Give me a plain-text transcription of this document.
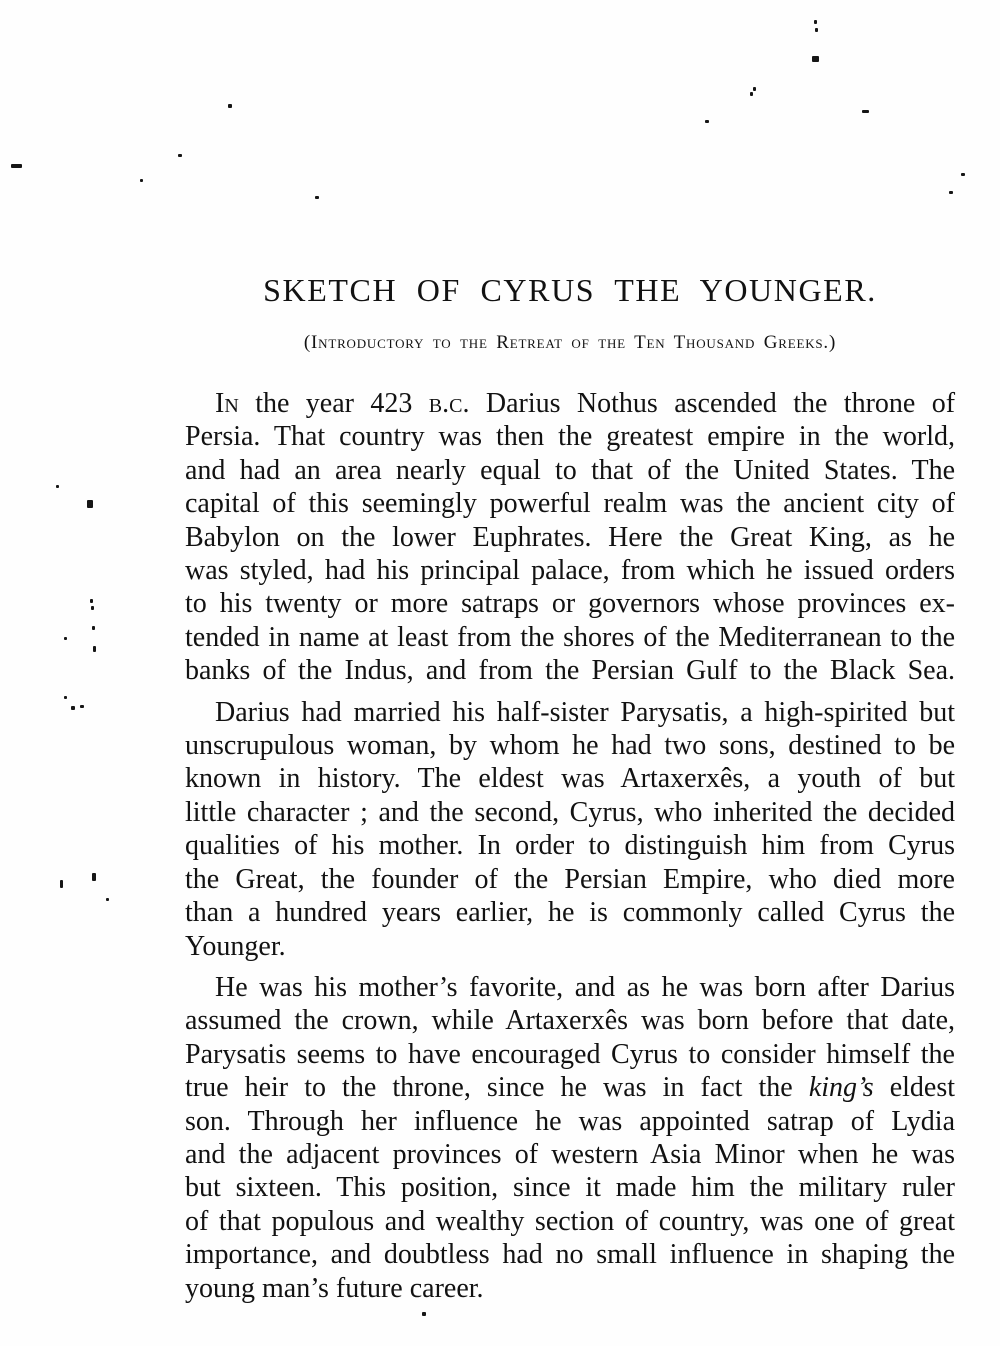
SKETCH OF CYRUS THE YOUNGER.
(Introductory to the Retreat of the Ten Thousand Greeks.)
In the year 423 b.c. Darius Nothus ascended the throne of
Persia. That country was then the greatest empire in the world,
and had an area nearly equal to that of the United States. The
capital of this seemingly powerful realm was the ancient city of
Babylon on the lower Euphrates. Here the Great King, as he
was styled, had his principal palace, from which he issued orders
to his twenty or more satraps or governors whose provinces ex-
tended in name at least from the shores of the Mediterranean to the
banks of the Indus, and from the Persian Gulf to the Black Sea.
Darius had married his half-sister Parysatis, a high-spirited but
unscrupulous woman, by whom he had two sons, destined to be
known in history. The eldest was Artaxerxês, a youth of but
little character ; and the second, Cyrus, who inherited the decided
qualities of his mother. In order to distinguish him from Cyrus
the Great, the founder of the Persian Empire, who died more
than a hundred years earlier, he is commonly called Cyrus the
Younger.
He was his mother’s favorite, and as he was born after Darius
assumed the crown, while Artaxerxês was born before that date,
Parysatis seems to have encouraged Cyrus to consider himself the
true heir to the throne, since he was in fact the king’s eldest
son. Through her influence he was appointed satrap of Lydia
and the adjacent provinces of western Asia Minor when he was
but sixteen. This position, since it made him the military ruler
of that populous and wealthy section of country, was one of great
importance, and doubtless had no small influence in shaping the
young man’s future career.
